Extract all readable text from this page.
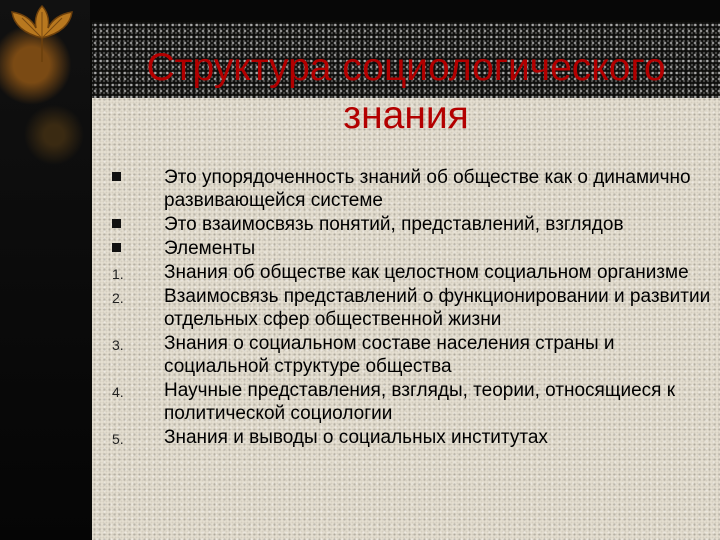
Структура социологического
знания
Это упорядоченность знаний об обществе как о динамично развивающейся системе
Это взаимосвязь понятий, представлений, взглядов
Элементы
1. Знания об обществе как целостном социальном организме
2. Взаимосвязь представлений о функционировании и развитии отдельных сфер общественной жизни
3. Знания о социальном составе населения страны и социальной структуре общества
4. Научные представления, взгляды, теории, относящиеся к политической социологии
5. Знания и выводы о социальных институтах
